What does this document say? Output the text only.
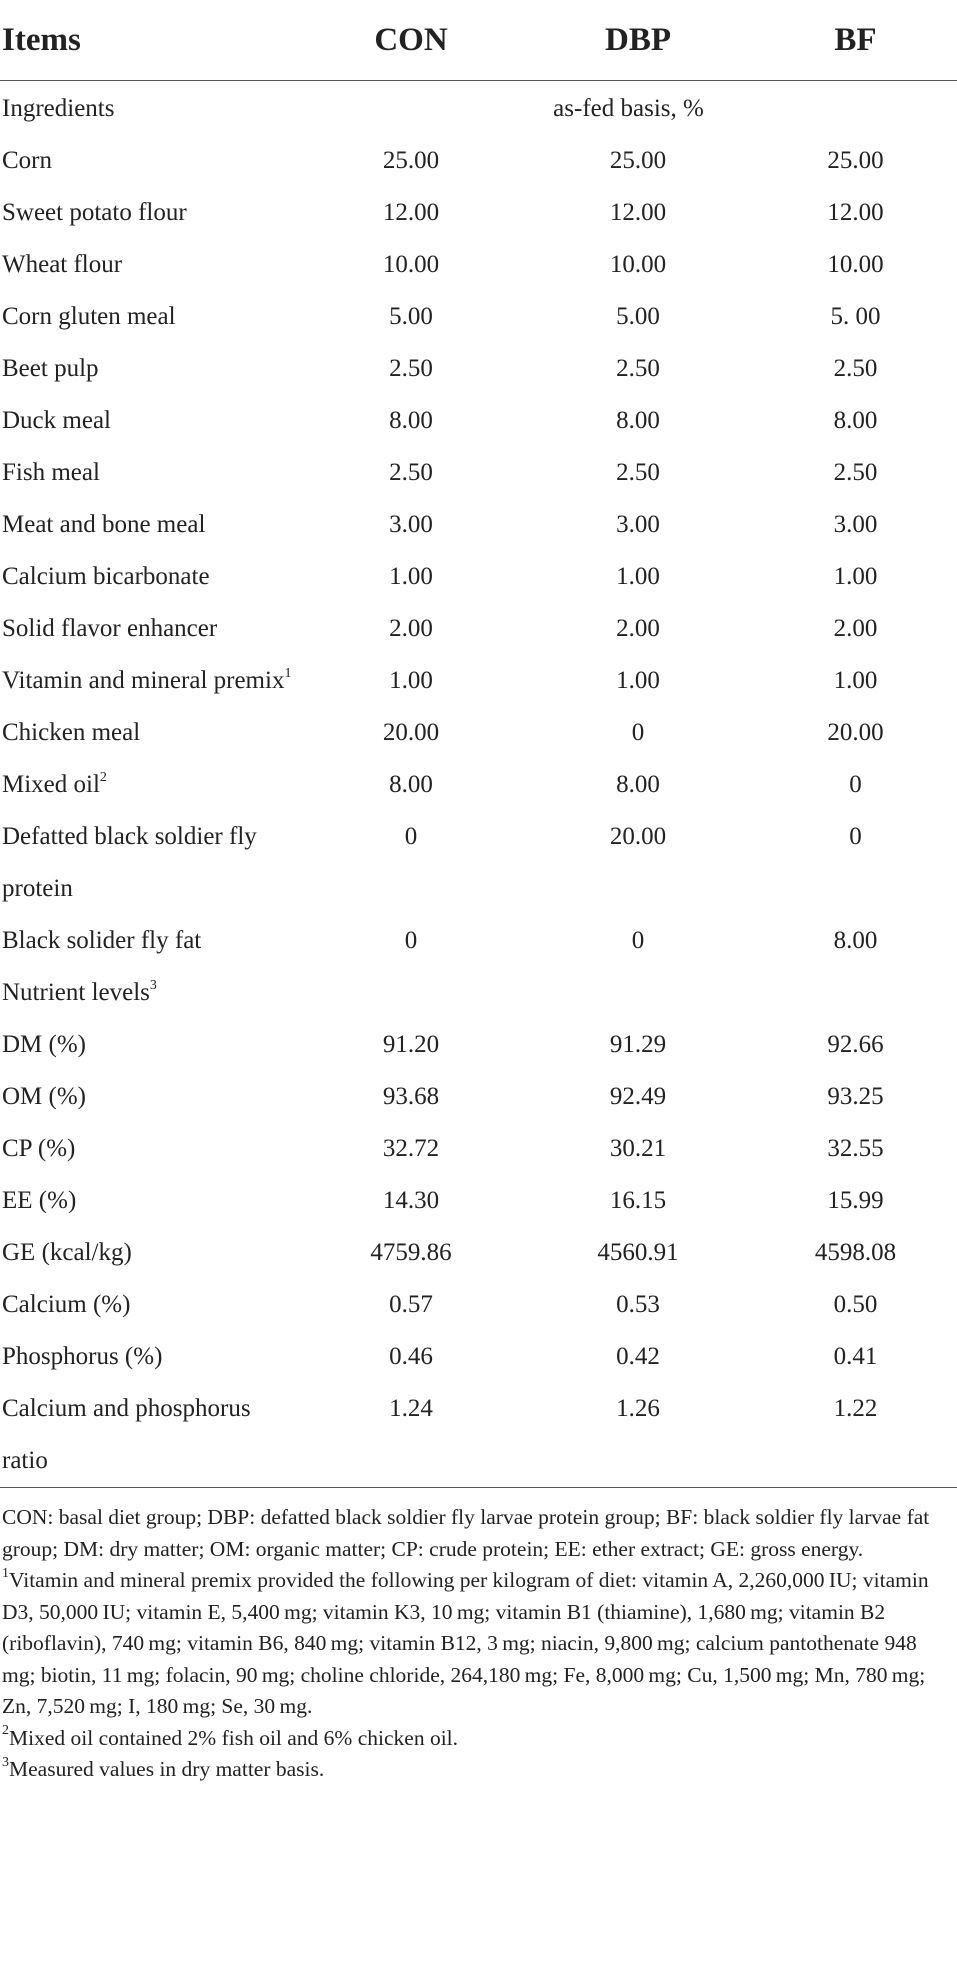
Items	CON	DBP	BF
Ingredients	as-fed basis, %		
Corn	25.00	25.00	25.00
Sweet potato flour	12.00	12.00	12.00
Wheat flour	10.00	10.00	10.00
Corn gluten meal	5.00	5.00	5. 00
Beet pulp	2.50	2.50	2.50
Duck meal	8.00	8.00	8.00
Fish meal	2.50	2.50	2.50
Meat and bone meal	3.00	3.00	3.00
Calcium bicarbonate	1.00	1.00	1.00
Solid flavor enhancer	2.00	2.00	2.00
Vitamin and mineral premix$^1$	1.00	1.00	1.00
Chicken meal	20.00	0	20.00
Mixed oil$^2$	8.00	8.00	0
Defatted black soldier fly protein	0	20.00	0
Black solider fly fat	0	0	8.00
Nutrient levels$^3$	
DM (%)	91.20	91.29	92.66
OM (%)	93.68	92.49	93.25
CP (%)	32.72	30.21	32.55
EE (%)	14.30	16.15	15.99
GE (kcal/kg)	4759.86	4560.91	4598.08
Calcium (%)	0.57	0.53	0.50
Phosphorus (%)	0.46	0.42	0.41
Calcium and phosphorus ratio	1.24	1.26	1.22

CON: basal diet group; DBP: defatted black soldier fly larvae protein group; BF: black soldier fly larvae fat group; DM: dry matter; OM: organic matter; CP: crude protein; EE: ether extract; GE: gross energy.

$^1$Vitamin and mineral premix provided the following per kilogram of diet: vitamin A, 2,260,000 IU; vitamin D3, 50,000 IU; vitamin E, 5,400 mg; vitamin K3, 10 mg; vitamin B1 (thiamine), 1,680 mg; vitamin B2 (riboflavin), 740 mg; vitamin B6, 840 mg; vitamin B12, 3 mg; niacin, 9,800 mg; calcium pantothenate 948 mg; biotin, 11 mg; folacin, 90 mg; choline chloride, 264,180 mg; Fe, 8,000 mg; Cu, 1,500 mg; Mn, 780 mg; Zn, 7,520 mg; I, 180 mg; Se, 30 mg.

$^2$Mixed oil contained 2% fish oil and 6% chicken oil.

$^3$Measured values in dry matter basis.
